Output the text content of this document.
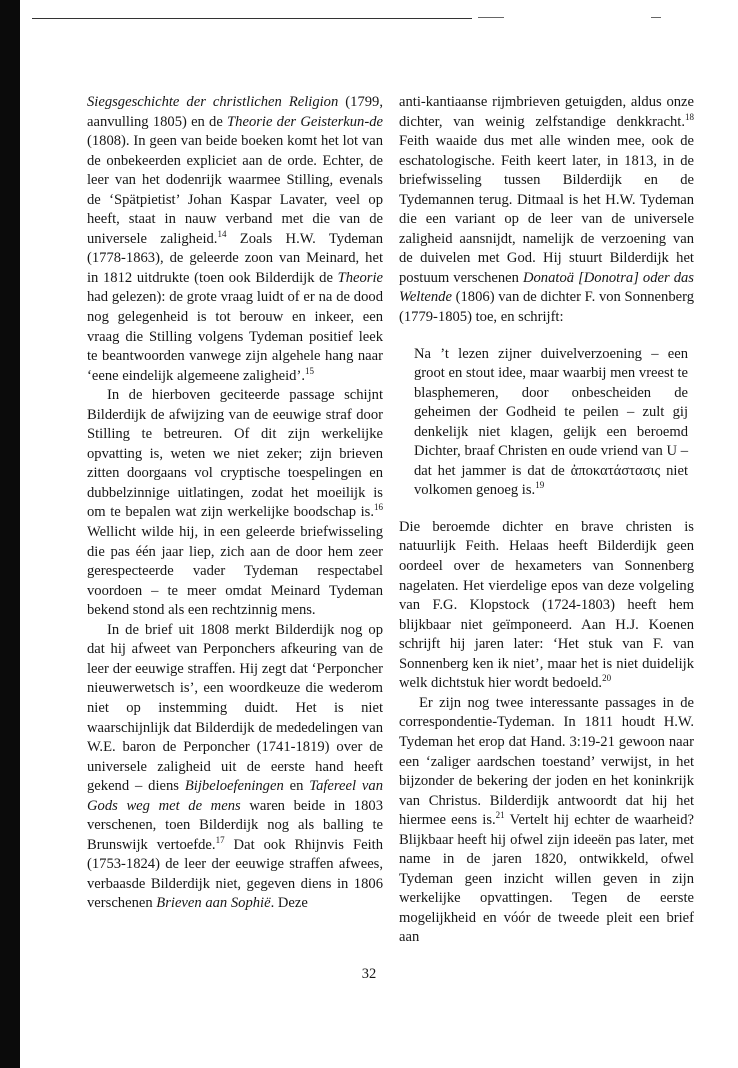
Siegsgeschichte der christlichen Religion (1799, aanvulling 1805) en de Theorie der Geisterkun-de (1808). In geen van beide boeken komt het lot van de onbekeerden expliciet aan de orde. Echter, de leer van het dodenrijk waarmee Stilling, evenals de ‘Spätpietist’ Johan Kaspar Lavater, veel op heeft, staat in nauw verband met die van de universele zaligheid.$^{14}$ Zoals H.W. Tydeman (1778-1863), de geleerde zoon van Meinard, het in 1812 uitdrukte (toen ook Bilderdijk de Theorie had gelezen): de grote vraag luidt of er na de dood nog gelegenheid is tot berouw en inkeer, een vraag die Stilling volgens Tydeman positief leek te beantwoorden vanwege zijn algehele hang naar ‘eene eindelijk algemeene zaligheid’.$^{15}$

In de hierboven geciteerde passage schijnt Bilderdijk de afwijzing van de eeuwige straf door Stilling te betreuren. Of dit zijn werkelijke opvatting is, weten we niet zeker; zijn brieven zitten doorgaans vol cryptische toespelingen en dubbelzinnige uitlatingen, zodat het moeilijk is om te bepalen wat zijn werkelijke boodschap is.$^{16}$ Wellicht wilde hij, in een geleerde briefwisseling die pas één jaar liep, zich aan de door hem zeer gerespecteerde vader Tydeman respectabel voordoen – te meer omdat Meinard Tydeman bekend stond als een rechtzinnig mens.

In de brief uit 1808 merkt Bilderdijk nog op dat hij afweet van Perponchers afkeuring van de leer der eeuwige straffen. Hij zegt dat ‘Perponcher nieuwerwetsch is’, een woordkeuze die wederom niet op instemming duidt. Het is niet waarschijnlijk dat Bilderdijk de mededelingen van W.E. baron de Perponcher (1741-1819) over de universele zaligheid uit de eerste hand heeft gekend – diens Bijbeloefeningen en Tafereel van Gods weg met de mens waren beide in 1803 verschenen, toen Bilderdijk nog als balling te Brunswijk vertoefde.$^{17}$ Dat ook Rhijnvis Feith (1753-1824) de leer der eeuwige straffen afwees, verbaasde Bilderdijk niet, gegeven diens in 1806 verschenen Brieven aan Sophië. Deze

anti-kantiaanse rijmbrieven getuigden, aldus onze dichter, van weinig zelfstandige denkkracht.$^{18}$ Feith waaide dus met alle winden mee, ook de eschatologische. Feith keert later, in 1813, in de briefwisseling tussen Bilderdijk en de Tydemannen terug. Ditmaal is het H.W. Tydeman die een variant op de leer van de universele zaligheid aansnijdt, namelijk de verzoening van de duivelen met God. Hij stuurt Bilderdijk het postuum verschenen Donatoä [Donotra] oder das Weltende (1806) van de dichter F. von Sonnenberg (1779-1805) toe, en schrijft:

Na ’t lezen zijner duivelverzoening – een groot en stout idee, maar waarbij men vreest te blasphemeren, door onbescheiden de geheimen der Godheid te peilen – zult gij denkelijk niet klagen, gelijk een beroemd Dichter, braaf Christen en oude vriend van U – dat het jammer is dat de ἀποκατάστασις niet volkomen genoeg is.$^{19}$

Die beroemde dichter en brave christen is natuurlijk Feith. Helaas heeft Bilderdijk geen oordeel over de hexameters van Sonnenberg nagelaten. Het vierdelige epos van deze volgeling van F.G. Klopstock (1724-1803) heeft hem blijkbaar niet geïmponeerd. Aan H.J. Koenen schrijft hij jaren later: ‘Het stuk van F. van Sonnenberg ken ik niet’, maar het is niet duidelijk welk dichtstuk hier wordt bedoeld.$^{20}$

Er zijn nog twee interessante passages in de correspondentie-Tydeman. In 1811 houdt H.W. Tydeman het erop dat Hand. 3:19-21 gewoon naar een ‘zaliger aardschen toestand’ verwijst, in het bijzonder de bekering der joden en het koninkrijk van Christus. Bilderdijk antwoordt dat hij het hiermee eens is.$^{21}$ Vertelt hij echter de waarheid? Blijkbaar heeft hij ofwel zijn ideeën pas later, met name in de jaren 1820, ontwikkeld, ofwel Tydeman geen inzicht willen geven in zijn werkelijke opvattingen. Tegen de eerste mogelijkheid en vóór de tweede pleit een brief aan

32
